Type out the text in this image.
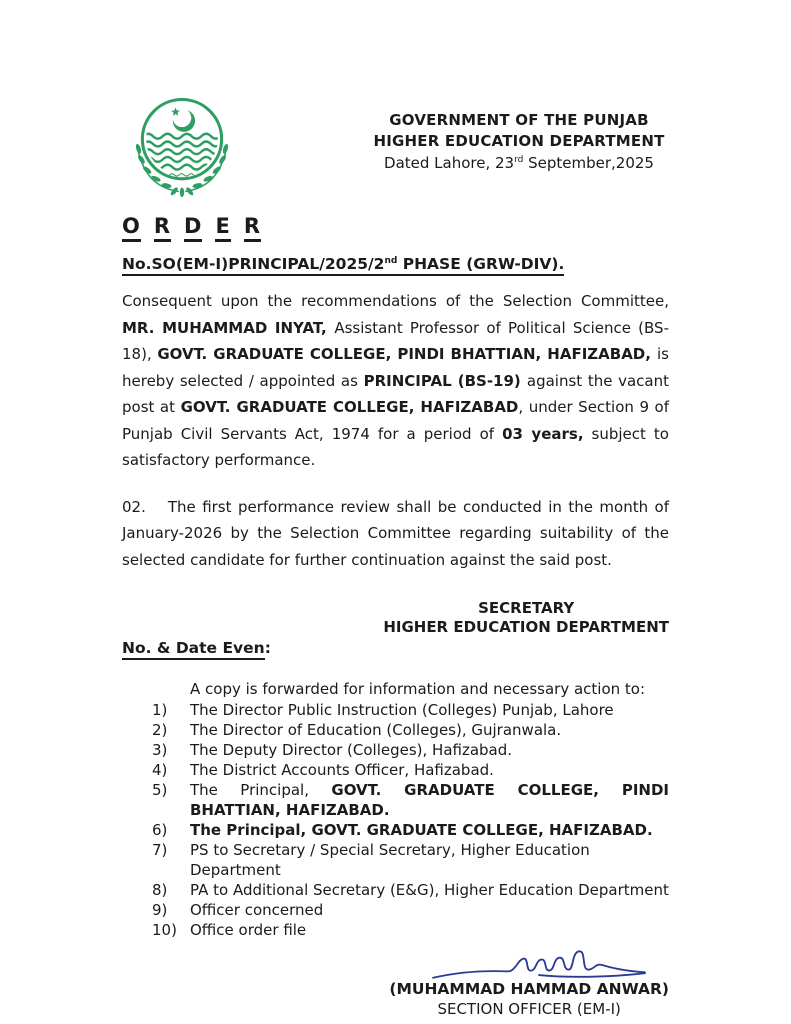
GOVERNMENT OF THE PUNJAB
HIGHER EDUCATION DEPARTMENT
Dated Lahore, 23rd September,2025
O R D E R
No.SO(EM-I)PRINCIPAL/2025/2nd PHASE (GRW-DIV).

Consequent upon the recommendations of the Selection Committee, MR. MUHAMMAD INYAT, Assistant Professor of Political Science (BS-18), GOVT. GRADUATE COLLEGE, PINDI BHATTIAN, HAFIZABAD, is hereby selected / appointed as PRINCIPAL (BS-19) against the vacant post at GOVT. GRADUATE COLLEGE, HAFIZABAD, under Section 9 of Punjab Civil Servants Act, 1974 for a period of 03 years, subject to satisfactory performance.

02. The first performance review shall be conducted in the month of January-2026 by the Selection Committee regarding suitability of the selected candidate for further continuation against the said post.

SECRETARY
HIGHER EDUCATION DEPARTMENT
No. & Date Even:
A copy is forwarded for information and necessary action to:
1)	The Director Public Instruction (Colleges) Punjab, Lahore
2)	The Director of Education (Colleges), Gujranwala.
3)	The Deputy Director (Colleges), Hafizabad.
4)	The District Accounts Officer, Hafizabad.
5)	The Principal, GOVT. GRADUATE COLLEGE, PINDI BHATTIAN, HAFIZABAD.
6)	The Principal, GOVT. GRADUATE COLLEGE, HAFIZABAD.
7)	PS to Secretary / Special Secretary, Higher Education Department
8)	PA to Additional Secretary (E&G), Higher Education Department
9)	Officer concerned
10) Office order file
(MUHAMMAD HAMMAD ANWAR)
SECTION OFFICER (EM-I)
